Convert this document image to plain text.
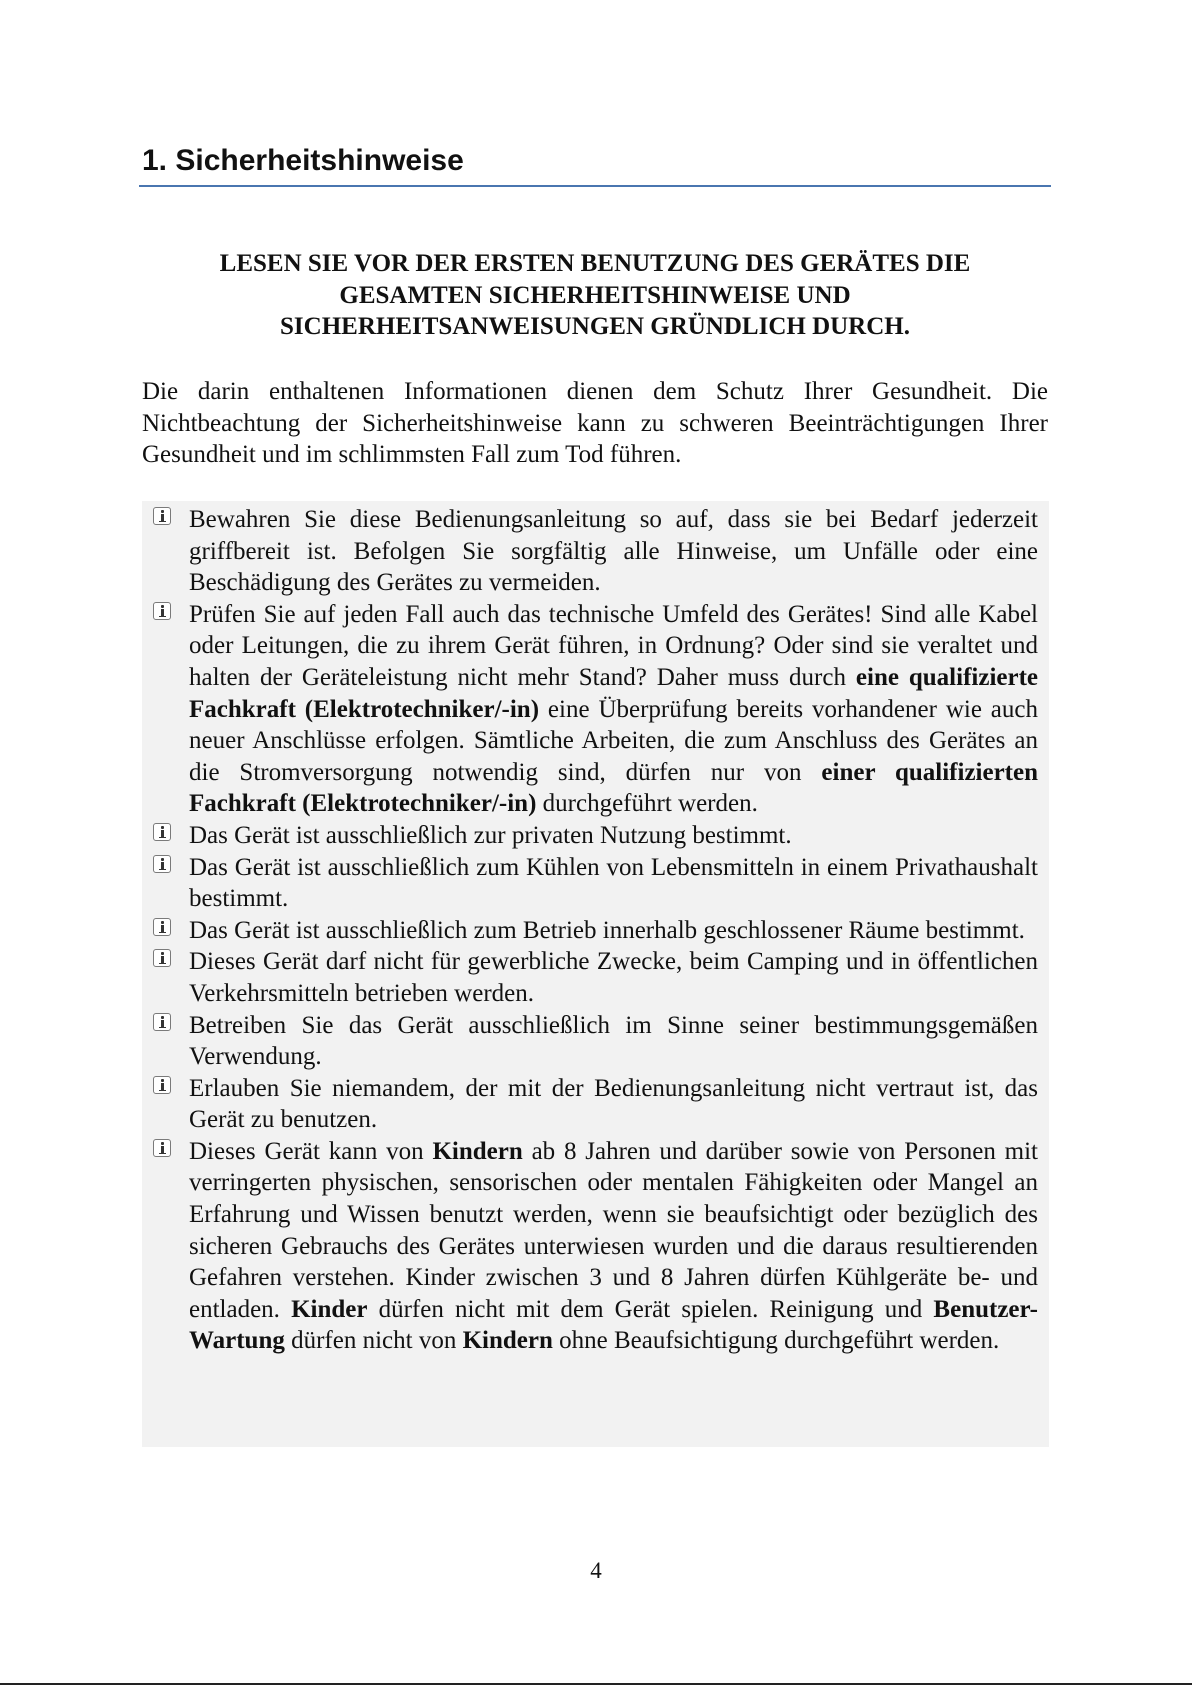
1. Sicherheitshinweise

LESEN SIE VOR DER ERSTEN BENUTZUNG DES GERÄTES DIE
GESAMTEN SICHERHEITSHINWEISE UND
SICHERHEITSANWEISUNGEN GRÜNDLICH DURCH.

Die darin enthaltenen Informationen dienen dem Schutz Ihrer Gesundheit. Die Nichtbeachtung der Sicherheitshinweise kann zu schweren Beeinträchtigungen Ihrer Gesundheit und im schlimmsten Fall zum Tod führen.

Bewahren Sie diese Bedienungsanleitung so auf, dass sie bei Bedarf jederzeit griffbereit ist. Befolgen Sie sorgfältig alle Hinweise, um Unfälle oder eine Beschädigung des Gerätes zu vermeiden.
Prüfen Sie auf jeden Fall auch das technische Umfeld des Gerätes! Sind alle Kabel oder Leitungen, die zu ihrem Gerät führen, in Ordnung? Oder sind sie veraltet und halten der Geräteleistung nicht mehr Stand? Daher muss durch eine qualifizierte Fachkraft (Elektrotechniker/-in) eine Überprüfung bereits vorhandener wie auch neuer Anschlüsse erfolgen. Sämtliche Arbeiten, die zum Anschluss des Gerätes an die Stromversorgung notwendig sind, dürfen nur von einer qualifizierten Fachkraft (Elektrotechniker/-in) durchgeführt werden.
Das Gerät ist ausschließlich zur privaten Nutzung bestimmt.
Das Gerät ist ausschließlich zum Kühlen von Lebensmitteln in einem Privathaushalt bestimmt.
Das Gerät ist ausschließlich zum Betrieb innerhalb geschlossener Räume bestimmt.
Dieses Gerät darf nicht für gewerbliche Zwecke, beim Camping und in öffentlichen Verkehrsmitteln betrieben werden.
Betreiben Sie das Gerät ausschließlich im Sinne seiner bestimmungsgemäßen Verwendung.
Erlauben Sie niemandem, der mit der Bedienungsanleitung nicht vertraut ist, das Gerät zu benutzen.
Dieses Gerät kann von Kindern ab 8 Jahren und darüber sowie von Personen mit verringerten physischen, sensorischen oder mentalen Fähigkeiten oder Mangel an Erfahrung und Wissen benutzt werden, wenn sie beaufsichtigt oder bezüglich des sicheren Gebrauchs des Gerätes unterwiesen wurden und die daraus resultierenden Gefahren verstehen. Kinder zwischen 3 und 8 Jahren dürfen Kühlgeräte be- und entladen. Kinder dürfen nicht mit dem Gerät spielen. Reinigung und Benutzer-Wartung dürfen nicht von Kindern ohne Beaufsichtigung durchgeführt werden.

4
